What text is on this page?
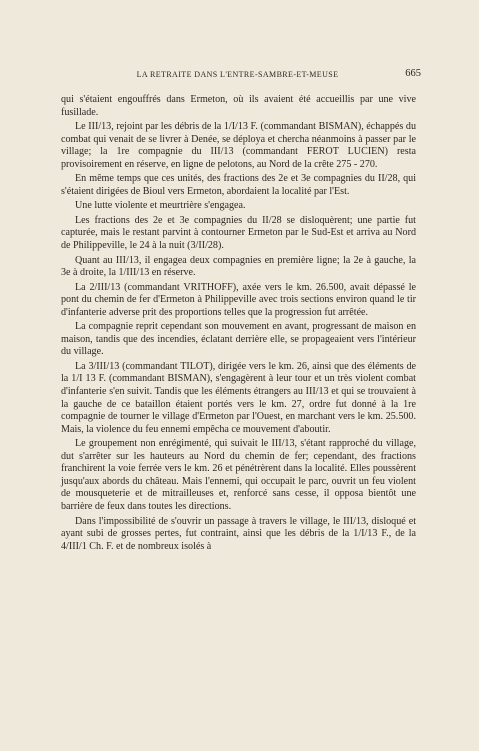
LA RETRAITE DANS L'ENTRE-SAMBRE-ET-MEUSE	665

qui s'étaient engouffrés dans Ermeton, où ils avaient été accueillis par une vive fusillade.

Le III/13, rejoint par les débris de la 1/I/13 F. (commandant BISMAN), échappés du combat qui venait de se livrer à Denée, se déploya et chercha néanmoins à passer par le village; la 1re compagnie du III/13 (commandant FEROT LUCIEN) resta provisoirement en réserve, en ligne de pelotons, au Nord de la crête 275 - 270.

En même temps que ces unités, des fractions des 2e et 3e compagnies du II/28, qui s'étaient dirigées de Bioul vers Ermeton, abordaient la localité par l'Est.

Une lutte violente et meurtrière s'engagea.

Les fractions des 2e et 3e compagnies du II/28 se disloquèrent; une partie fut capturée, mais le restant parvint à contourner Ermeton par le Sud-Est et arriva au Nord de Philippeville, le 24 à la nuit (3/II/28).

Quant au III/13, il engagea deux compagnies en première ligne; la 2e à gauche, la 3e à droite, la 1/III/13 en réserve.

La 2/III/13 (commandant VRITHOFF), axée vers le km. 26.500, avait dépassé le pont du chemin de fer d'Ermeton à Philippeville avec trois sections environ quand le tir d'infanterie adverse prit des proportions telles que la progression fut arrêtée.

La compagnie reprit cependant son mouvement en avant, progressant de maison en maison, tandis que des incendies, éclatant derrière elle, se propageaient vers l'intérieur du village.

La 3/III/13 (commandant TILOT), dirigée vers le km. 26, ainsi que des éléments de la 1/I 13 F. (commandant BISMAN), s'engagèrent à leur tour et un très violent combat d'infanterie s'en suivit. Tandis que les éléments étrangers au III/13 et qui se trouvaient à la gauche de ce bataillon étaient portés vers le km. 27, ordre fut donné à la 1re compagnie de tourner le village d'Ermeton par l'Ouest, en marchant vers le km. 25.500. Mais, la violence du feu ennemi empêcha ce mouvement d'aboutir.

Le groupement non enrégimenté, qui suivait le III/13, s'étant rapproché du village, dut s'arrêter sur les hauteurs au Nord du chemin de fer; cependant, des fractions franchirent la voie ferrée vers le km. 26 et pénétrèrent dans la localité. Elles poussèrent jusqu'aux abords du château. Mais l'ennemi, qui occupait le parc, ouvrit un feu violent de mousqueterie et de mitrailleuses et, renforcé sans cesse, il opposa bientôt une barrière de feux dans toutes les directions.

Dans l'impossibilité de s'ouvrir un passage à travers le village, le III/13, disloqué et ayant subi de grosses pertes, fut contraint, ainsi que les débris de la 1/I/13 F., de la 4/III/1 Ch. F. et de nombreux isolés à
